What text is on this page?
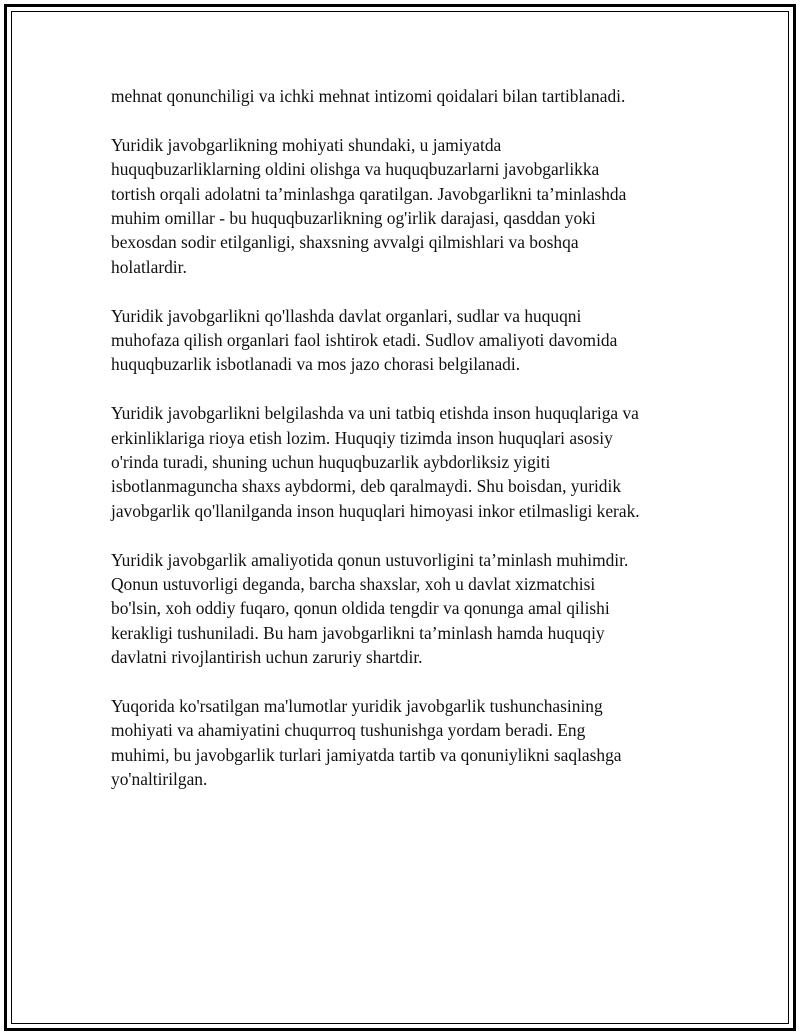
mehnat qonunchiligi va ichki mehnat intizomi qoidalari bilan tartiblanadi.

Yuridik javobgarlikning mohiyati shundaki, u jamiyatda
huquqbuzarliklarning oldini olishga va huquqbuzarlarni javobgarlikka
tortish orqali adolatni ta’minlashga qaratilgan. Javobgarlikni ta’minlashda
muhim omillar - bu huquqbuzarlikning og'irlik darajasi, qasddan yoki
bexosdan sodir etilganligi, shaxsning avvalgi qilmishlari va boshqa
holatlardir.

Yuridik javobgarlikni qo'llashda davlat organlari, sudlar va huquqni
muhofaza qilish organlari faol ishtirok etadi. Sudlov amaliyoti davomida
huquqbuzarlik isbotlanadi va mos jazo chorasi belgilanadi.

Yuridik javobgarlikni belgilashda va uni tatbiq etishda inson huquqlariga va
erkinliklariga rioya etish lozim. Huquqiy tizimda inson huquqlari asosiy
o'rinda turadi, shuning uchun huquqbuzarlik aybdorliksiz yigiti
isbotlanmaguncha shaxs aybdormi, deb qaralmaydi. Shu boisdan, yuridik
javobgarlik qo'llanilganda inson huquqlari himoyasi inkor etilmasligi kerak.

Yuridik javobgarlik amaliyotida qonun ustuvorligini ta’minlash muhimdir.
Qonun ustuvorligi deganda, barcha shaxslar, xoh u davlat xizmatchisi
bo'lsin, xoh oddiy fuqaro, qonun oldida tengdir va qonunga amal qilishi
kerakligi tushuniladi. Bu ham javobgarlikni ta’minlash hamda huquqiy
davlatni rivojlantirish uchun zaruriy shartdir.

Yuqorida ko'rsatilgan ma'lumotlar yuridik javobgarlik tushunchasining
mohiyati va ahamiyatini chuqurroq tushunishga yordam beradi. Eng
muhimi, bu javobgarlik turlari jamiyatda tartib va qonuniylikni saqlashga
yo'naltirilgan.
